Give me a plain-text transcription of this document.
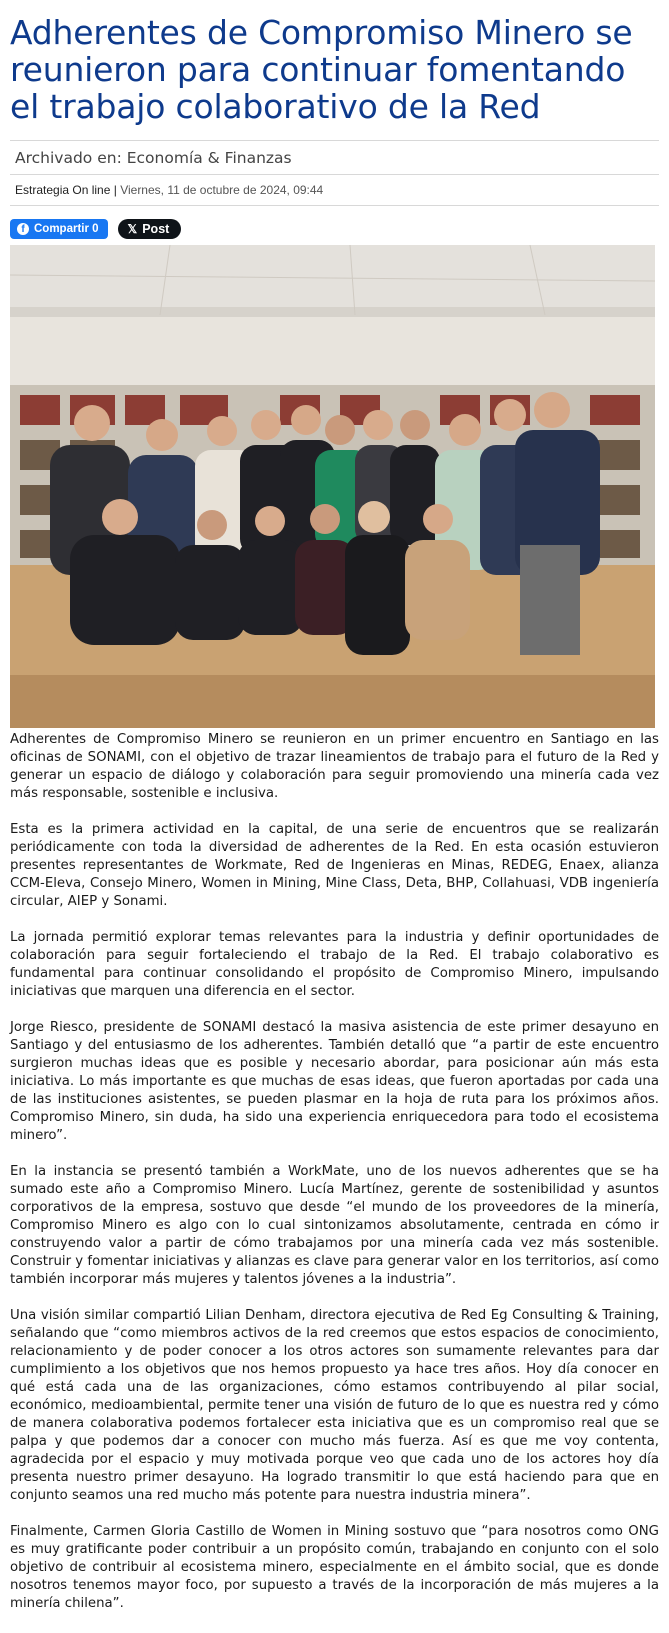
Adherentes de Compromiso Minero se reunieron para continuar fomentando el trabajo colaborativo de la Red
Archivado en: Economía & Finanzas
Estrategia On line | Viernes, 11 de octubre de 2024, 09:44
f Compartir 0 𝕏 Post

Adherentes de Compromiso Minero se reunieron en un primer encuentro en Santiago en las oficinas de SONAMI, con el objetivo de trazar lineamientos de trabajo para el futuro de la Red y generar un espacio de diálogo y colaboración para seguir promoviendo una minería cada vez más responsable, sostenible e inclusiva.

Esta es la primera actividad en la capital, de una serie de encuentros que se realizarán periódicamente con toda la diversidad de adherentes de la Red. En esta ocasión estuvieron presentes representantes de Workmate, Red de Ingenieras en Minas, REDEG, Enaex, alianza CCM-Eleva, Consejo Minero, Women in Mining, Mine Class, Deta, BHP, Collahuasi, VDB ingeniería circular, AIEP y Sonami.

La jornada permitió explorar temas relevantes para la industria y definir oportunidades de colaboración para seguir fortaleciendo el trabajo de la Red. El trabajo colaborativo es fundamental para continuar consolidando el propósito de Compromiso Minero, impulsando iniciativas que marquen una diferencia en el sector.

Jorge Riesco, presidente de SONAMI destacó la masiva asistencia de este primer desayuno en Santiago y del entusiasmo de los adherentes. También detalló que “a partir de este encuentro surgieron muchas ideas que es posible y necesario abordar, para posicionar aún más esta iniciativa. Lo más importante es que muchas de esas ideas, que fueron aportadas por cada una de las instituciones asistentes, se pueden plasmar en la hoja de ruta para los próximos años. Compromiso Minero, sin duda, ha sido una experiencia enriquecedora para todo el ecosistema minero”.

En la instancia se presentó también a WorkMate, uno de los nuevos adherentes que se ha sumado este año a Compromiso Minero. Lucía Martínez, gerente de sostenibilidad y asuntos corporativos de la empresa, sostuvo que desde “el mundo de los proveedores de la minería, Compromiso Minero es algo con lo cual sintonizamos absolutamente, centrada en cómo ir construyendo valor a partir de cómo trabajamos por una minería cada vez más sostenible. Construir y fomentar iniciativas y alianzas es clave para generar valor en los territorios, así como también incorporar más mujeres y talentos jóvenes a la industria”.

Una visión similar compartió Lilian Denham, directora ejecutiva de Red Eg Consulting & Training, señalando que “como miembros activos de la red creemos que estos espacios de conocimiento, relacionamiento y de poder conocer a los otros actores son sumamente relevantes para dar cumplimiento a los objetivos que nos hemos propuesto ya hace tres años. Hoy día conocer en qué está cada una de las organizaciones, cómo estamos contribuyendo al pilar social, económico, medioambiental, permite tener una visión de futuro de lo que es nuestra red y cómo de manera colaborativa podemos fortalecer esta iniciativa que es un compromiso real que se palpa y que podemos dar a conocer con mucho más fuerza. Así es que me voy contenta, agradecida por el espacio y muy motivada porque veo que cada uno de los actores hoy día presenta nuestro primer desayuno. Ha logrado transmitir lo que está haciendo para que en conjunto seamos una red mucho más potente para nuestra industria minera”.

Finalmente, Carmen Gloria Castillo de Women in Mining sostuvo que “para nosotros como ONG es muy gratificante poder contribuir a un propósito común, trabajando en conjunto con el solo objetivo de contribuir al ecosistema minero, especialmente en el ámbito social, que es donde nosotros tenemos mayor foco, por supuesto a través de la incorporación de más mujeres a la minería chilena”.
